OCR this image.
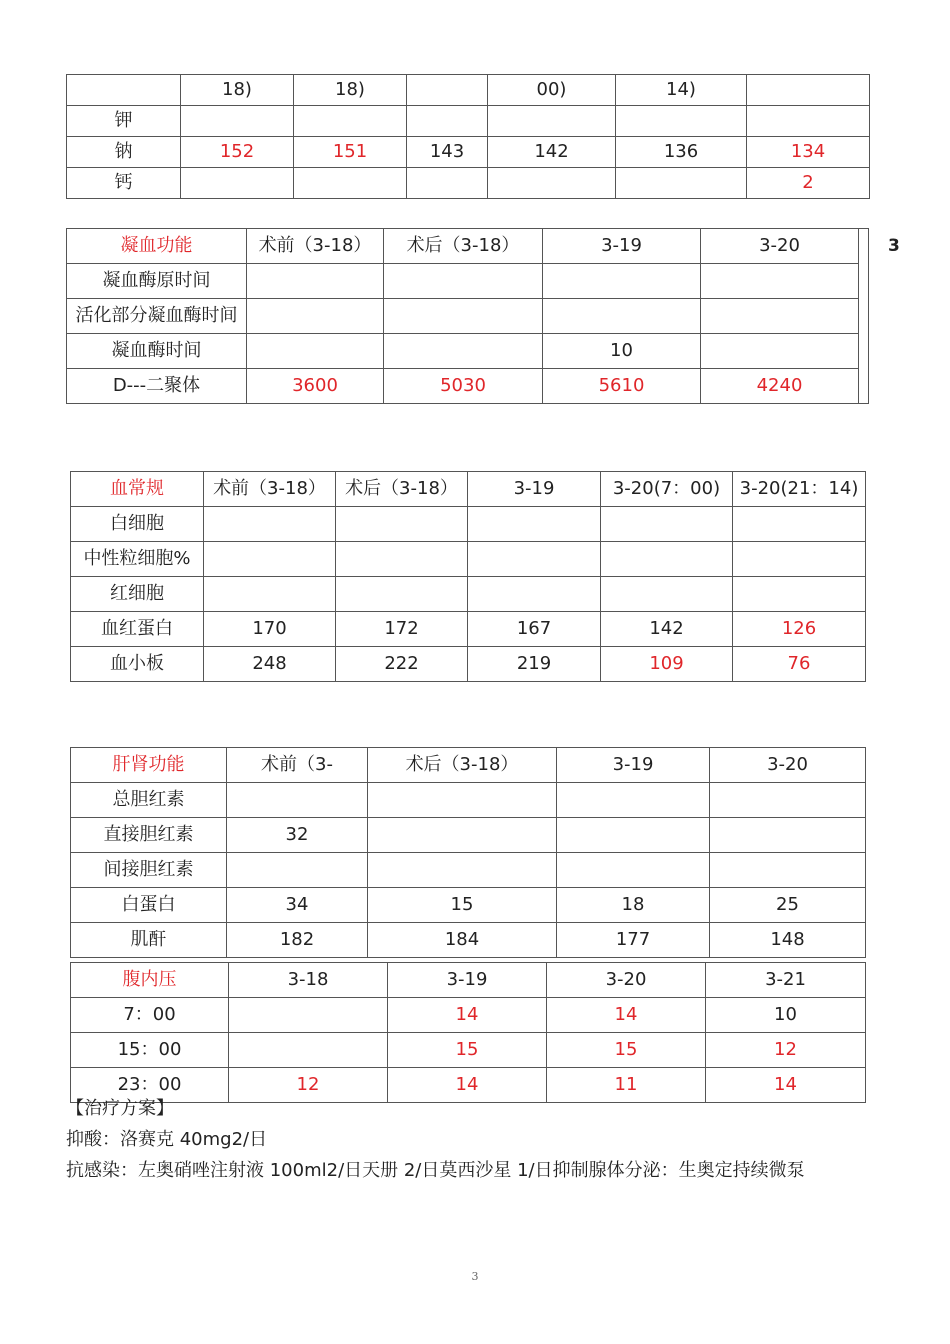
	18)	18)		00)	14)	
钾						
钠	152	151	143	142	136	134
钙						2
凝血功能	术前（3-18）	术后（3-18）	3-19	3-20	
凝血酶原时间					
活化部分凝血酶时间					
凝血酶时间			10		
D---二聚体	3600	5030	5610	4240	
3
血常规	术前（3-18）	术后（3-18）	3-19	3-20(7：00)	3-20(21：14)
白细胞					
中性粒细胞%					
红细胞					
血红蛋白	170	172	167	142	126
血小板	248	222	219	109	76
肝肾功能	术前（3-	术后（3-18）	3-19	3-20
总胆红素				
直接胆红素	32			
间接胆红素				
白蛋白	34	15	18	25
肌酐	182	184	177	148
腹内压	3-18	3-19	3-20	3-21
7：00		14	14	10
15：00		15	15	12
23：00	12	14	11	14
【治疗方案】
抑酸：洛赛克 40mg2/日
抗感染：左奥硝唑注射液 100ml2/日天册 2/日莫西沙星 1/日抑制腺体分泌：生奥定持续微泵
3
